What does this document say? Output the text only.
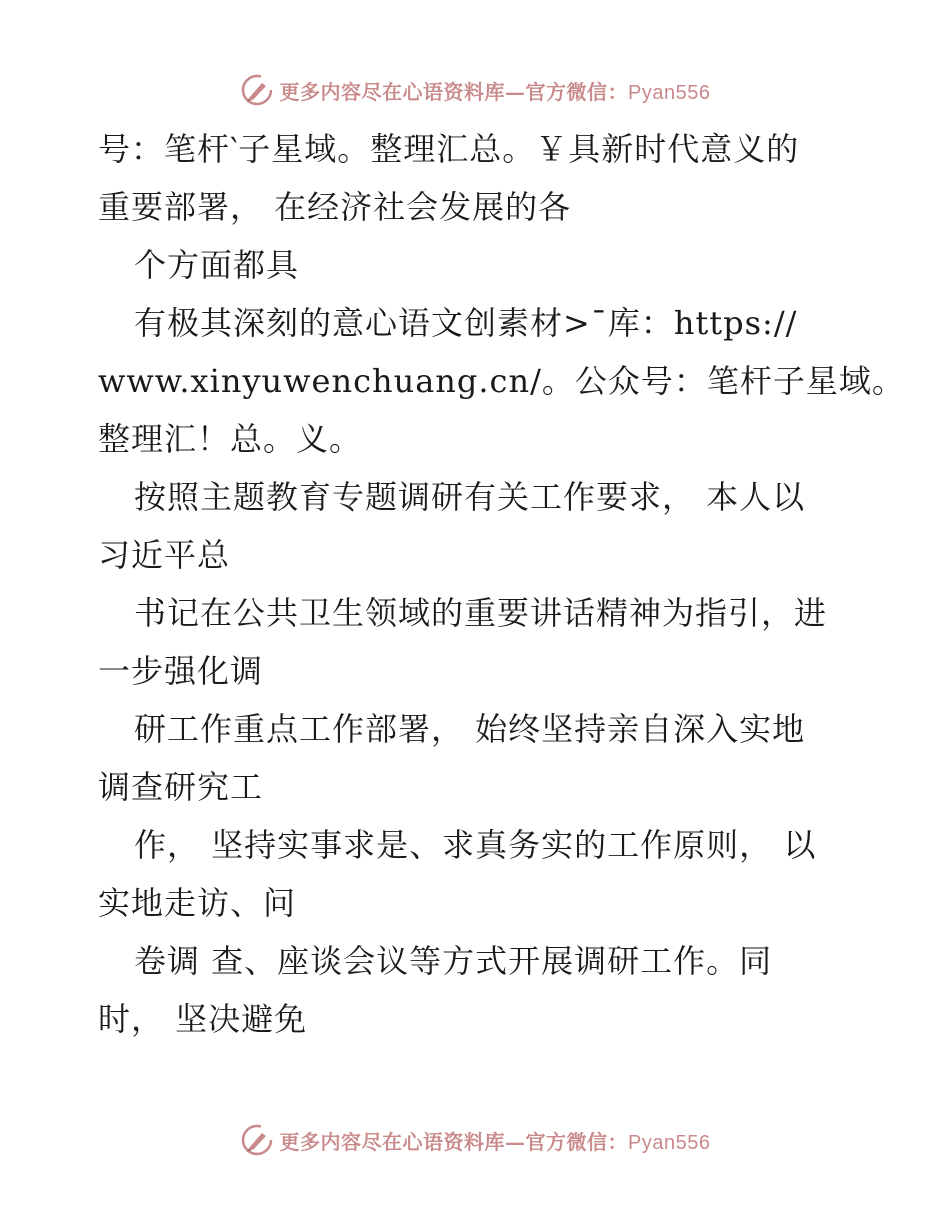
更多内容尽在心语资料库—官方微信：Pyan556
号：笔杆‵子星域。整理汇总。￥具新时代意义的
重要部署， 在经济社会发展的各
个方面都具
有极其深刻的意心语文创素材>¯库：https://
www.xinyuwenchuang.cn/。公众号：笔杆子星域。
整理汇！总。义。
按照主题教育专题调研有关工作要求， 本人以
习近平总
书记在公共卫生领域的重要讲话精神为指引，进
一步强化调
研工作重点工作部署， 始终坚持亲自深入实地
调查研究工
作， 坚持实事求是、求真务实的工作原则， 以
实地走访、问
卷调 查、座谈会议等方式开展调研工作。同
时， 坚决避免
更多内容尽在心语资料库—官方微信：Pyan556
